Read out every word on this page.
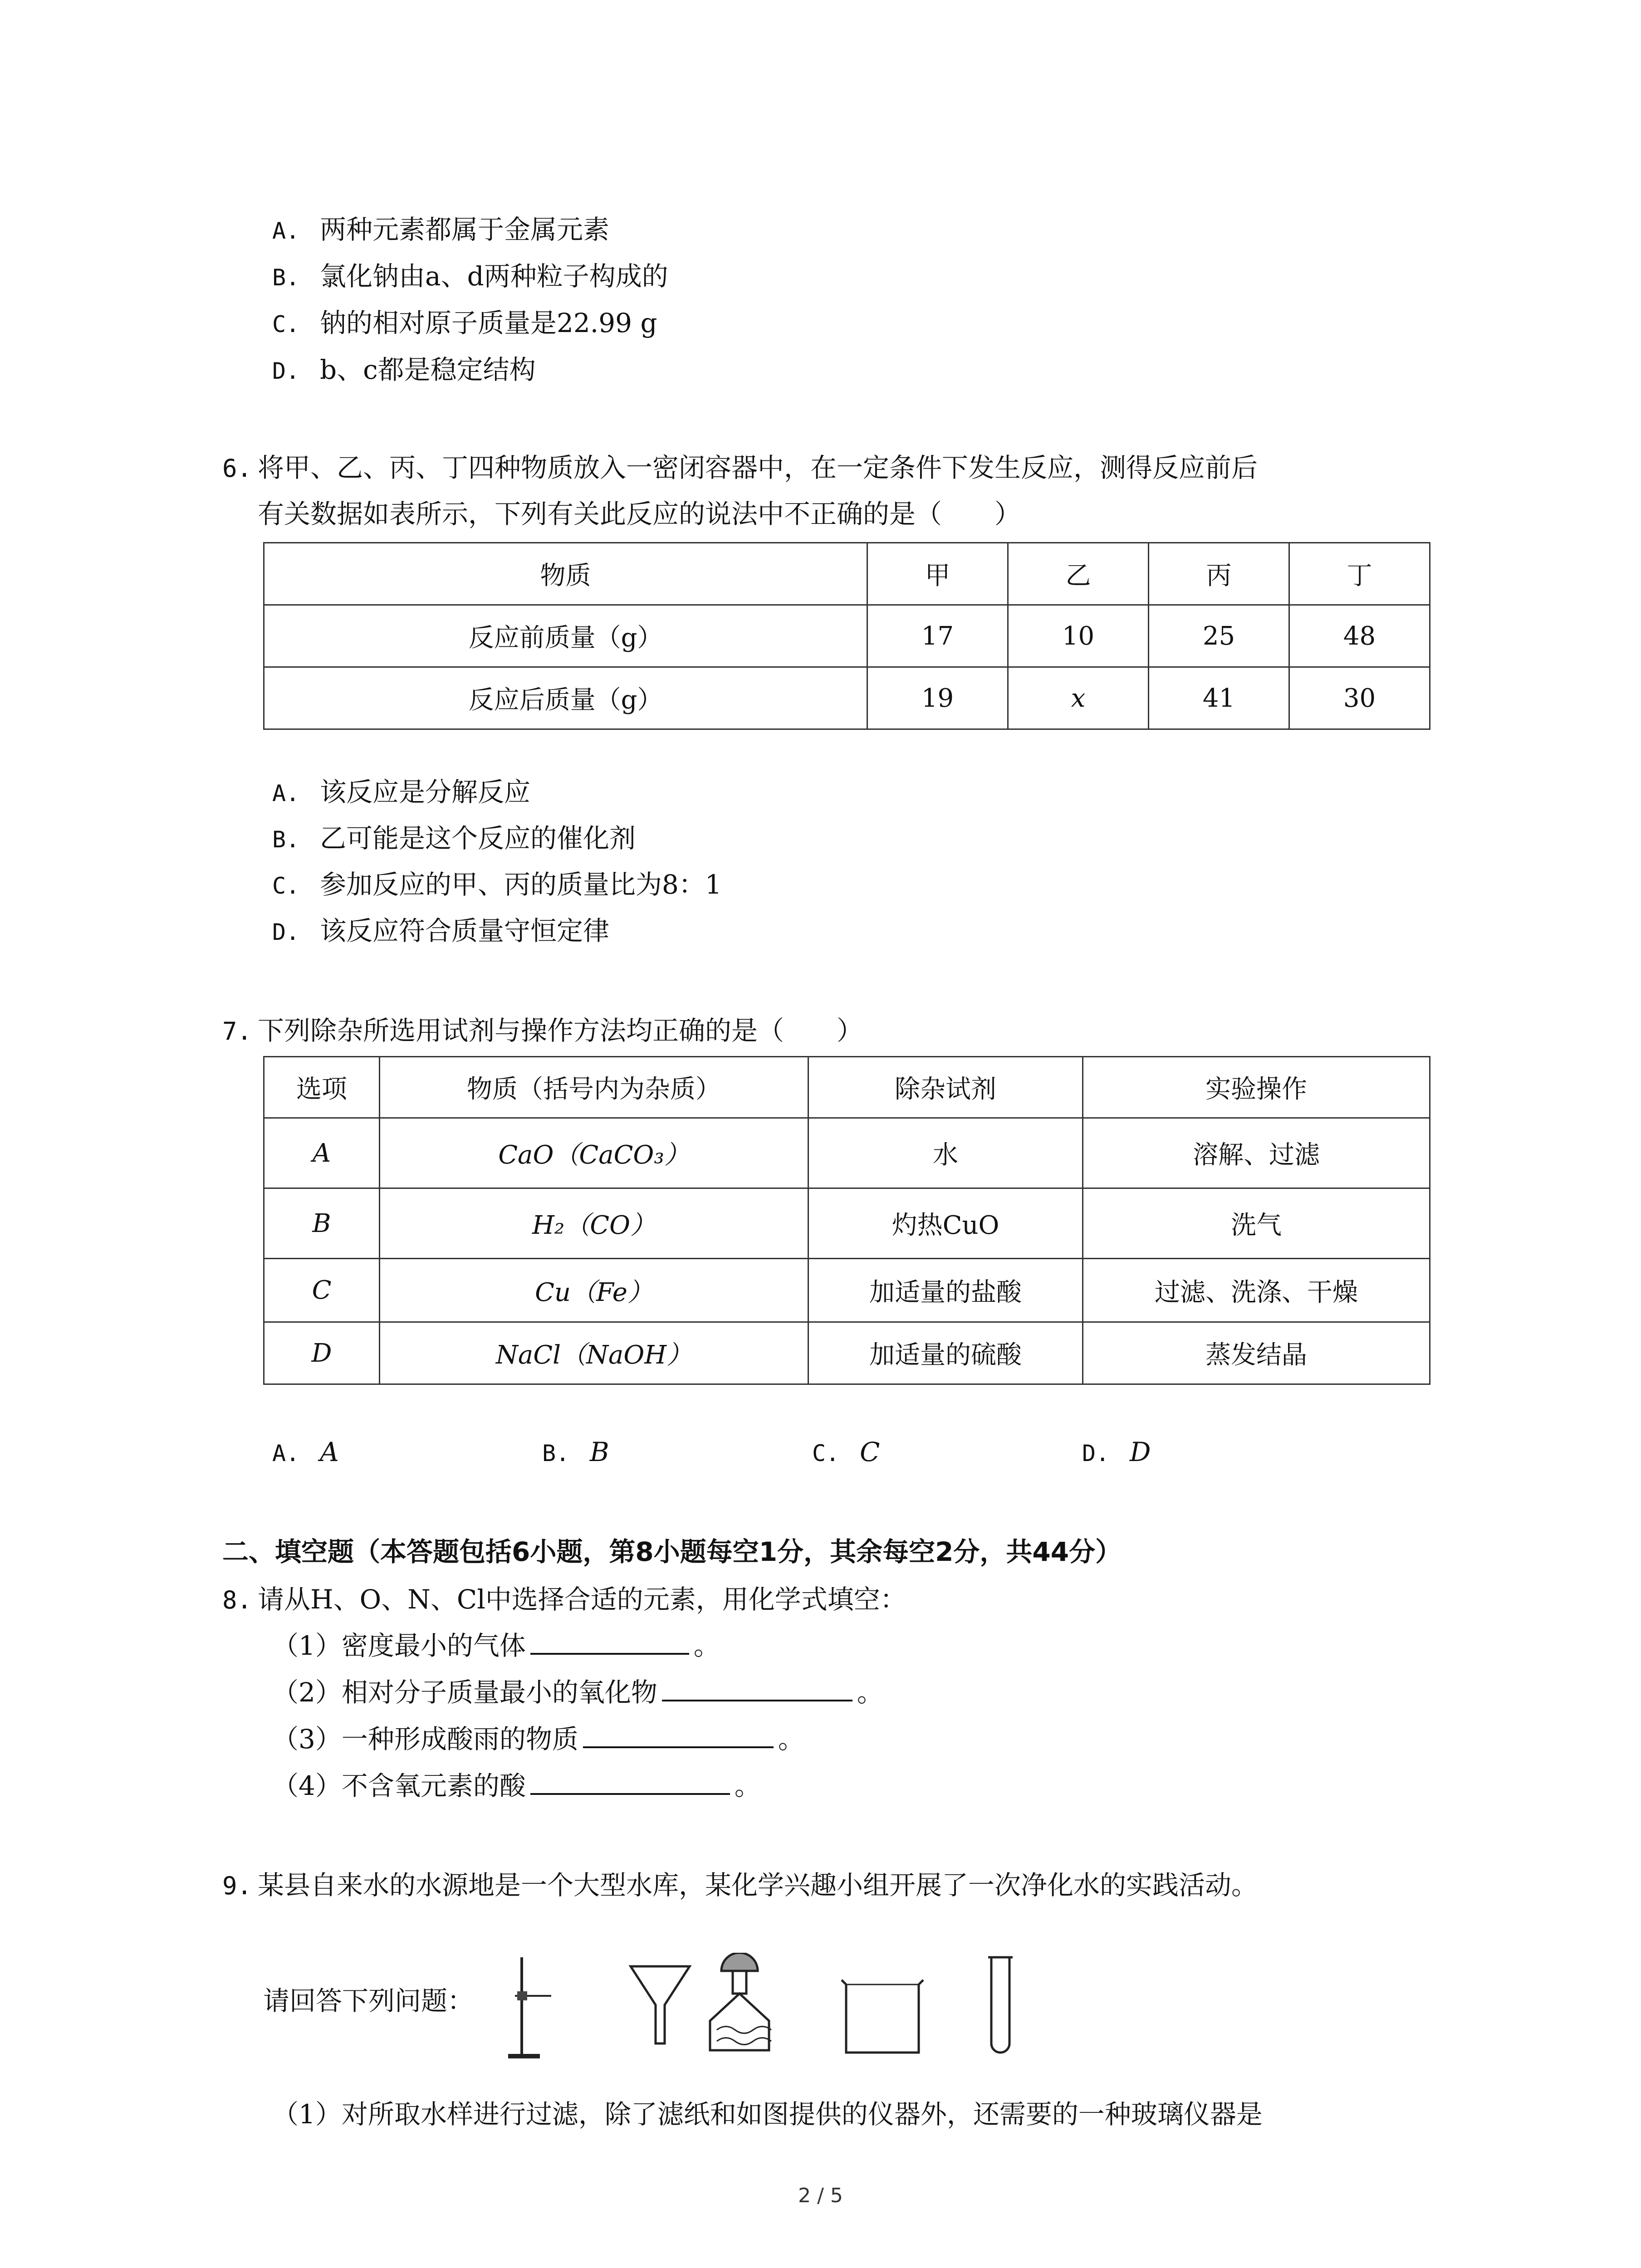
A. 两种元素都属于金属元素
B. 氯化钠由a、d两种粒子构成的
C. 钠的相对原子质量是22.99 g
D. b、c都是稳定结构
6. 将甲、乙、丙、丁四种物质放入一密闭容器中，在一定条件下发生反应，测得反应前后
有关数据如表所示，下列有关此反应的说法中不正确的是（　　）
物质	甲	乙	丙	丁
反应前质量（g）	17	10	25	48
反应后质量（g）	19	x	41	30
A. 该反应是分解反应
B. 乙可能是这个反应的催化剂
C. 参加反应的甲、丙的质量比为8：1
D. 该反应符合质量守恒定律
7. 下列除杂所选用试剂与操作方法均正确的是（　　）
选项	物质（括号内为杂质）	除杂试剂	实验操作
A	CaO（CaCO₃）	水	溶解、过滤
B	H₂（CO）	灼热CuO	洗气
C	Cu（Fe）	加适量的盐酸	过滤、洗涤、干燥
D	NaCl（NaOH）	加适量的硫酸	蒸发结晶
A. A	B. B	C. C	D. D
二、填空题（本答题包括6小题，第8小题每空1分，其余每空2分，共44分）
8. 请从H、O、N、Cl中选择合适的元素，用化学式填空：
（1）密度最小的气体	。
（2）相对分子质量最小的氧化物	。
（3）一种形成酸雨的物质	。
（4）不含氧元素的酸	。
9. 某县自来水的水源地是一个大型水库，某化学兴趣小组开展了一次净化水的实践活动。
请回答下列问题：
（1）对所取水样进行过滤，除了滤纸和如图提供的仪器外，还需要的一种玻璃仪器是
2 / 5
